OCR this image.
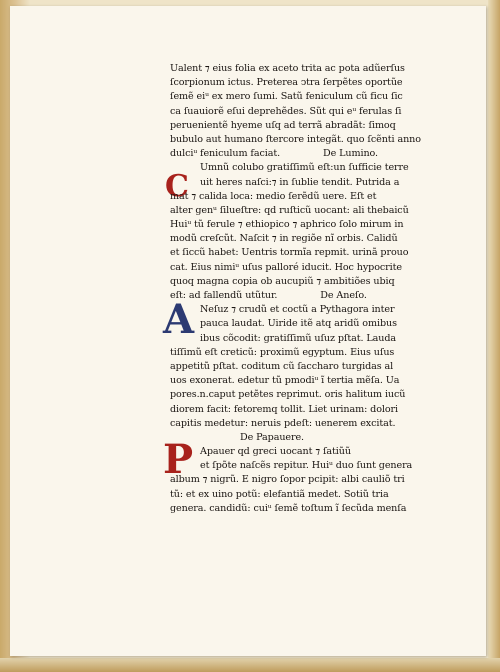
C
A
P
Ualent ⁊ eius folia ex aceto trita ac pota adũerſus
ſcorpionum ictus. Preterea ↄtra ſerpẽtes oportũe
ſemẽ eiᵘ ex mero ſumi. Satũ feniculum cũ ficu ſic
ca ſuauiorẽ eſui deprehẽdes. Sũt qui eᵘ ferulas ſi
peruenientẽ hyeme uſq ad terrã abradãt: ſimoq
bubulo aut humano ſtercore integãt. quo ſcẽnti anno
dulciᵘ feniculum faciat.	De Lumino.
Umnũ colubo gratiſſimũ eſt:un ſufficie terre
uit heres naſci:⁊ in ſublie tendit. Putrida a
mat ⁊ calida loca: medio ſerẽdũ uere. Eſt et
alter genᵘ ſilueſtre: qd ruſticũ uocant: ali thebaicũ
Huiᵘ tũ ferule ⁊ ethiopico ⁊ aphrico ſolo mirum in
modũ creſcũt. Naſcit ⁊ in regiõe nĩ orbis. Calidũ
et ſiccũ habet: Uentris tormĩa repmit. urinã prouo
cat. Eius nimiᵘ uſus palloré iducit. Hoc hypocrite
quoq magna copia ob aucupiũ ⁊ ambitiões ubiq
eſt: ad fallendũ utũtur.	De Aneſo.
Neſuz ⁊ crudũ et coctũ a Pythagora inter
pauca laudat. Uiride itẽ atq aridũ omibus
ibus cõcodit: gratiſſimũ uſuz pſtat. Lauda
tiſſimũ eſt creticũ: proximũ egyptum. Eius uſus
appetitũ pſtat. coditum cũ ſaccharo turgidas al
uos exonerat. edetur tũ pmodiᵘ ĩ tertia mẽſa. Ua
pores.n.caput petẽtes reprimut. oris halitum iucũ
diorem facit: fetoremq tollit. Liet urinam: dolori
capitis medetur: neruis pdeſt: uenerem excitat.
De Papauere.
Apauer qd greci uocant ⁊ ſatiũũ
et ſpõte naſcẽs repitur. Huiᵘ duo ſunt genera
album ⁊ nigrũ. E nigro ſopor pcipit: albi cauliõ tri
tũ: et ex uino potũ: elefantiã medet. Sotiũ tria
genera. candidũ: cuiᵘ ſemẽ toſtum ĩ ſecũda menſa
